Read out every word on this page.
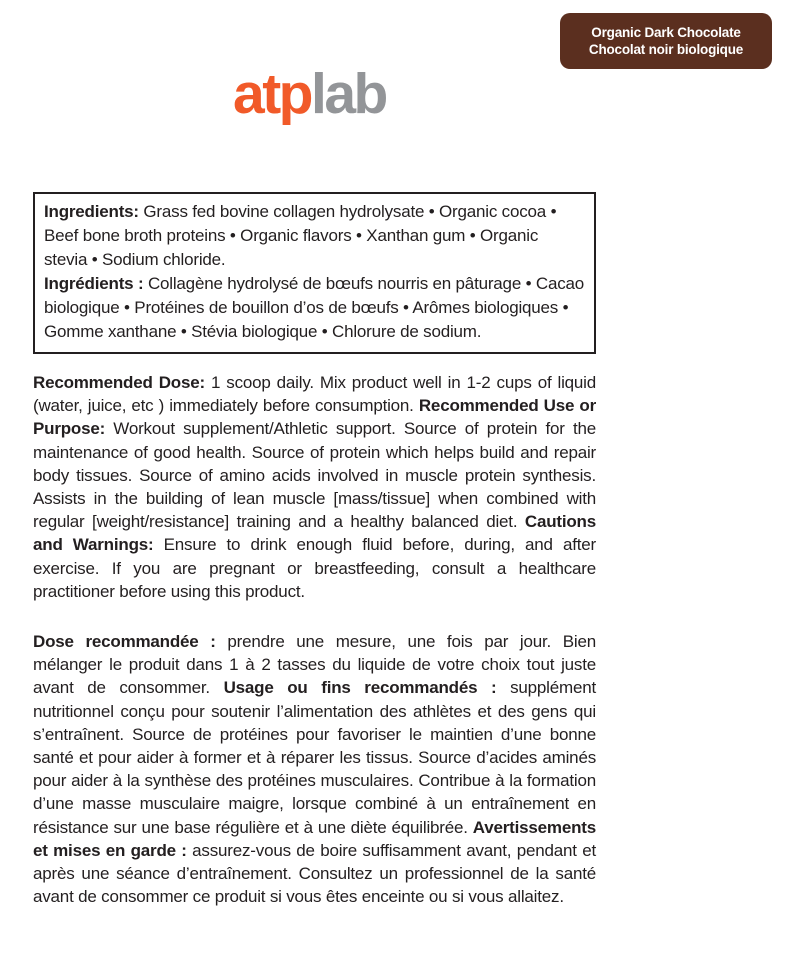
Organic Dark Chocolate
Chocolat noir biologique
atplab
Ingredients: Grass fed bovine collagen hydrolysate • Organic cocoa • Beef bone broth proteins • Organic flavors • Xanthan gum • Organic stevia • Sodium chloride.
Ingrédients : Collagène hydrolysé de bœufs nourris en pâturage • Cacao biologique • Protéines de bouillon d’os de bœufs • Arômes biologiques • Gomme xanthane • Stévia biologique • Chlorure de sodium.

Recommended Dose: 1 scoop daily. Mix product well in 1-2 cups of liquid (water, juice, etc ) immediately before consumption. Recommended Use or Purpose: Workout supplement/Athletic support. Source of protein for the maintenance of good health. Source of protein which helps build and repair body tissues. Source of amino acids involved in muscle protein synthesis. Assists in the building of lean muscle [mass/tissue] when combined with regular [weight/resistance] training and a healthy balanced diet. Cautions and Warnings: Ensure to drink enough fluid before, during, and after exercise. If you are pregnant or breastfeeding, consult a healthcare practitioner before using this product.

Dose recommandée : prendre une mesure, une fois par jour. Bien mélanger le produit dans 1 à 2 tasses du liquide de votre choix tout juste avant de consommer. Usage ou fins recommandés : supplément nutritionnel conçu pour soutenir l’alimentation des athlètes et des gens qui s’entraînent. Source de protéines pour favoriser le maintien d’une bonne santé et pour aider à former et à réparer les tissus. Source d’acides aminés pour aider à la synthèse des protéines musculaires. Contribue à la formation d’une masse musculaire maigre, lorsque combiné à un entraînement en résistance sur une base régulière et à une diète équilibrée. Avertissements et mises en garde : assurez-vous de boire suffisamment avant, pendant et après une séance d’entraînement. Consultez un professionnel de la santé avant de consommer ce produit si vous êtes enceinte ou si vous allaitez.
